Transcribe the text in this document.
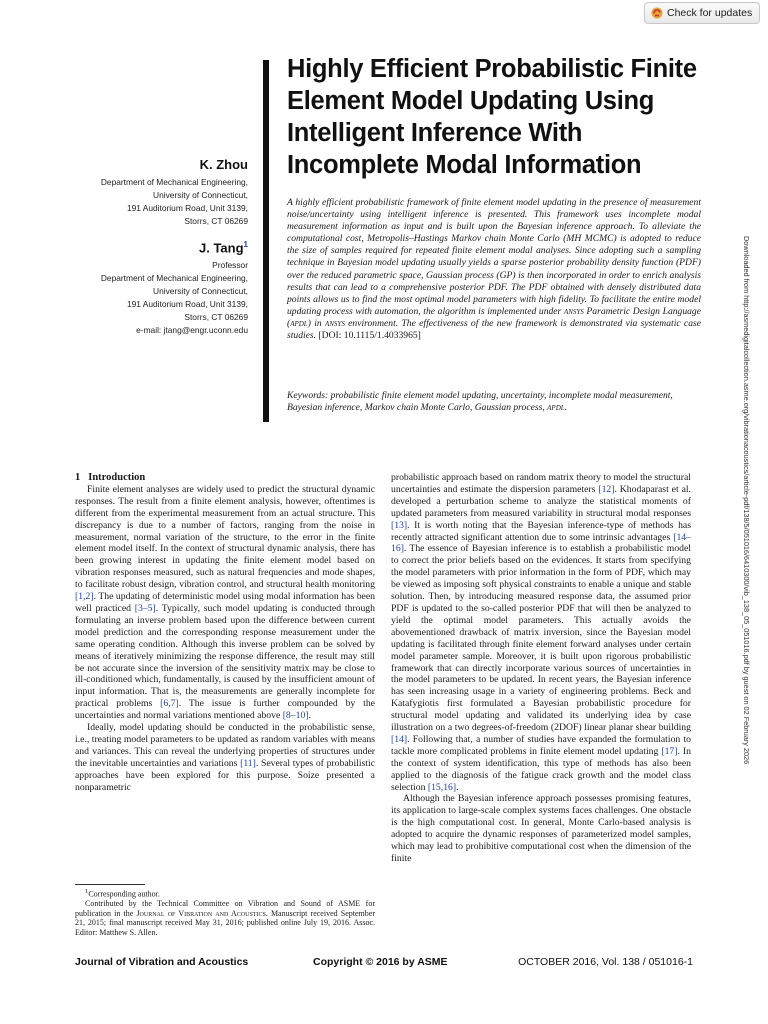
Check for updates
Highly Efficient Probabilistic Finite Element Model Updating Using Intelligent Inference With Incomplete Modal Information
K. Zhou
Department of Mechanical Engineering,
University of Connecticut,
191 Auditorium Road, Unit 3139,
Storrs, CT 06269
J. Tang$^1$
Professor
Department of Mechanical Engineering,
University of Connecticut,
191 Auditorium Road, Unit 3139,
Storrs, CT 06269
e-mail: jtang@engr.uconn.edu

A highly efficient probabilistic framework of finite element model updating in the presence of measurement noise/uncertainty using intelligent inference is presented. This framework uses incomplete modal measurement information as input and is built upon the Bayesian inference approach. To alleviate the computational cost, Metropolis–Hastings Markov chain Monte Carlo (MH MCMC) is adopted to reduce the size of samples required for repeated finite element modal analyses. Since adopting such a sampling technique in Bayesian model updating usually yields a sparse posterior probability density function (PDF) over the reduced parametric space, Gaussian process (GP) is then incorporated in order to enrich analysis results that can lead to a comprehensive posterior PDF. The PDF obtained with densely distributed data points allows us to find the most optimal model parameters with high fidelity. To facilitate the entire model updating process with automation, the algorithm is implemented under ansys Parametric Design Language (apdl) in ansys environment. The effectiveness of the new framework is demonstrated via systematic case studies. [DOI: 10.1115/1.4033965]

Keywords: probabilistic finite element model updating, uncertainty, incomplete modal measurement, Bayesian inference, Markov chain Monte Carlo, Gaussian process, apdl.	Downloaded from http://asmedigitalcollection.asme.org/vibrationacoustics/article-pdf/138/5/051016/6410300/vib_138_05_051016.pdf by guest on 02 February 2026

1 Introduction

Finite element analyses are widely used to predict the structural dynamic responses. The result from a finite element analysis, however, oftentimes is different from the experimental measurement from an actual structure. This discrepancy is due to a number of factors, ranging from the noise in measurement, normal variation of the structure, to the error in the finite element model itself. In the context of structural dynamic analysis, there has been growing interest in updating the finite element model based on vibration responses measured, such as natural frequencies and mode shapes, to facilitate robust design, vibration control, and structural health monitoring [1,2]. The updating of deterministic model using modal information has been well practiced [3–5]. Typically, such model updating is conducted through formulating an inverse problem based upon the difference between current model prediction and the corresponding response measurement under the same operating condition. Although this inverse problem can be solved by means of iteratively minimizing the response difference, the result may still be not accurate since the inversion of the sensitivity matrix may be close to ill-conditioned which, fundamentally, is caused by the insufficient amount of input information. That is, the measurements are generally incomplete for practical problems [6,7]. The issue is further compounded by the uncertainties and normal variations mentioned above [8–10].

Ideally, model updating should be conducted in the probabilistic sense, i.e., treating model parameters to be updated as random variables with means and variances. This can reveal the underlying properties of structures under the inevitable uncertainties and variations [11]. Several types of probabilistic approaches have been explored for this purpose. Soize presented a nonparametric

probabilistic approach based on random matrix theory to model the structural uncertainties and estimate the dispersion parameters [12]. Khodaparast et al. developed a perturbation scheme to analyze the statistical moments of updated parameters from measured variability in structural modal responses [13]. It is worth noting that the Bayesian inference-type of methods has recently attracted significant attention due to some intrinsic advantages [14–16]. The essence of Bayesian inference is to establish a probabilistic model to correct the prior beliefs based on the evidences. It starts from specifying the model parameters with prior information in the form of PDF, which may be viewed as imposing soft physical constraints to enable a unique and stable solution. Then, by introducing measured response data, the assumed prior PDF is updated to the so-called posterior PDF that will then be analyzed to yield the optimal model parameters. This actually avoids the abovementioned drawback of matrix inversion, since the Bayesian model updating is facilitated through finite element forward analyses under certain model parameter sample. Moreover, it is built upon rigorous probabilistic framework that can directly incorporate various sources of uncertainties in the model parameters to be updated. In recent years, the Bayesian inference has seen increasing usage in a variety of engineering problems. Beck and Katafygiotis first formulated a Bayesian probabilistic procedure for structural model updating and validated its underlying idea by case illustration on a two degrees-of-freedom (2DOF) linear planar shear building [14]. Following that, a number of studies have expanded the formulation to tackle more complicated problems in finite element model updating [17]. In the context of system identification, this type of methods has also been applied to the diagnosis of the fatigue crack growth and the model class selection [15,16].

Although the Bayesian inference approach possesses promising features, its application to large-scale complex systems faces challenges. One obstacle is the high computational cost. In general, Monte Carlo-based analysis is adopted to acquire the dynamic responses of parameterized model samples, which may lead to prohibitive computational cost when the dimension of the finite

$^1$Corresponding author.

Contributed by the Technical Committee on Vibration and Sound of ASME for publication in the Journal of Vibration and Acoustics. Manuscript received September 21, 2015; final manuscript received May 31, 2016; published online July 19, 2016. Assoc. Editor: Matthew S. Allen.

Journal of Vibration and Acoustics	Copyright © 2016 by ASME	OCTOBER 2016, Vol. 138 / 051016-1
